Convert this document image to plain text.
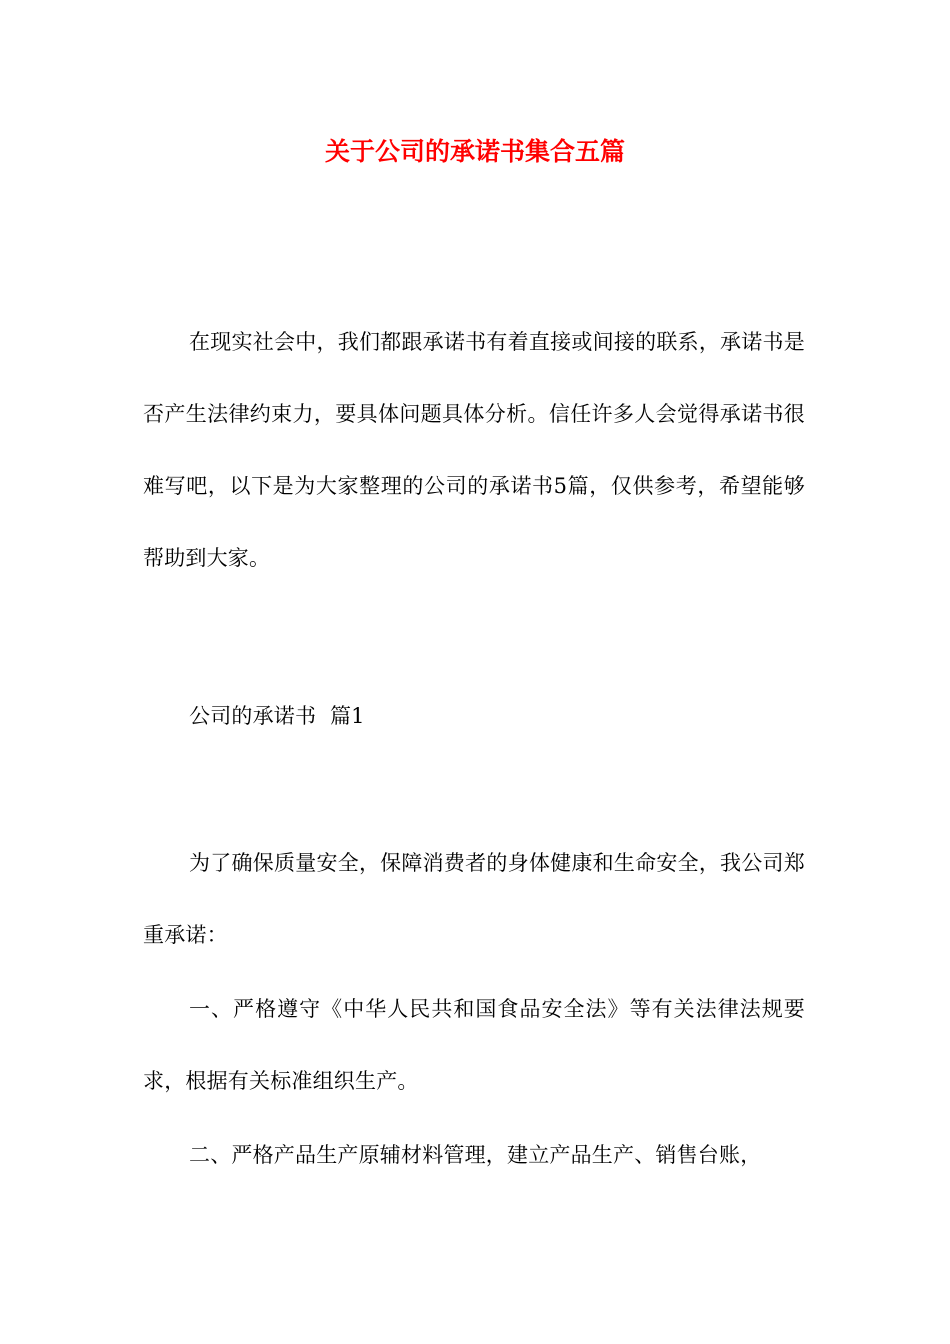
关于公司的承诺书集合五篇

在现实社会中，我们都跟承诺书有着直接或间接的联系，承诺书是否产生法律约束力，要具体问题具体分析。信任许多人会觉得承诺书很难写吧，以下是为大家整理的公司的承诺书5篇，仅供参考，希望能够帮助到大家。

公司的承诺书  篇1

为了确保质量安全，保障消费者的身体健康和生命安全，我公司郑重承诺：

一、严格遵守《中华人民共和国食品安全法》等有关法律法规要求，根据有关标准组织生产。

二、严格产品生产原辅材料管理，建立产品生产、销售台账，
